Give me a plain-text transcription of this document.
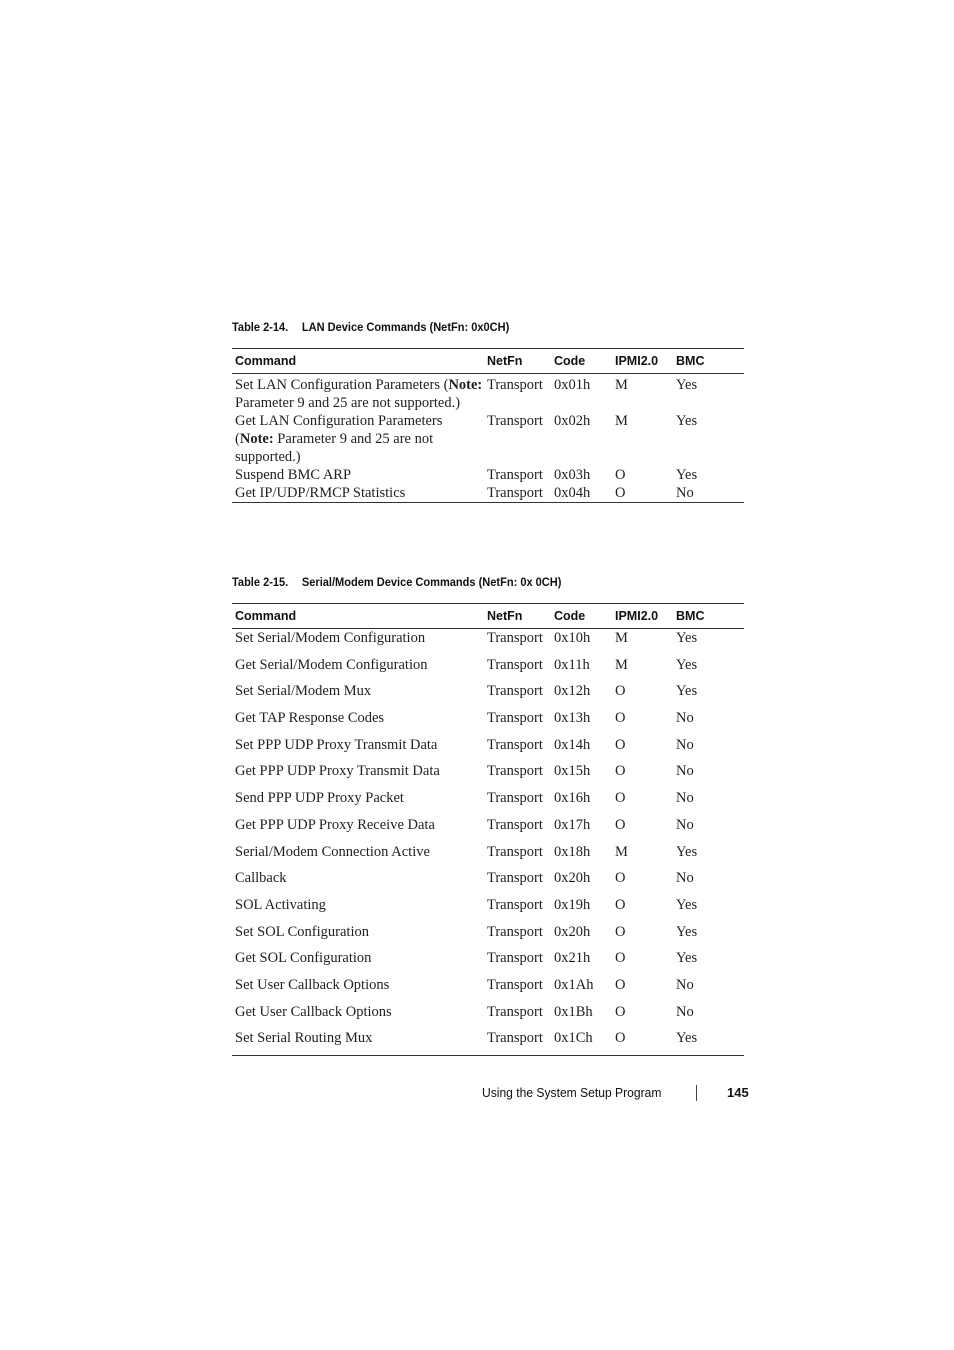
Table 2-14. LAN Device Commands (NetFn: 0x0CH)
Command	NetFn	Code	IPMI2.0	BMC

Set LAN Configuration Parameters (Note: Parameter 9 and 25 are not supported.)	Transport	0x01h	M	Yes

Get LAN Configuration Parameters (Note: Parameter 9 and 25 are not supported.)	Transport	0x02h	M	Yes

Suspend BMC ARP	Transport	0x03h	O	Yes

Get IP/UDP/RMCP Statistics	Transport	0x04h	O	No
Table 2-15. Serial/Modem Device Commands (NetFn: 0x 0CH)
Command	NetFn	Code	IPMI2.0	BMC

Set Serial/Modem Configuration	Transport	0x10h	M	Yes

Get Serial/Modem Configuration	Transport	0x11h	M	Yes

Set Serial/Modem Mux	Transport	0x12h	O	Yes

Get TAP Response Codes	Transport	0x13h	O	No

Set PPP UDP Proxy Transmit Data	Transport	0x14h	O	No

Get PPP UDP Proxy Transmit Data	Transport	0x15h	O	No

Send PPP UDP Proxy Packet	Transport	0x16h	O	No

Get PPP UDP Proxy Receive Data	Transport	0x17h	O	No

Serial/Modem Connection Active	Transport	0x18h	M	Yes

Callback	Transport	0x20h	O	No

SOL Activating	Transport	0x19h	O	Yes

Set SOL Configuration	Transport	0x20h	O	Yes

Get SOL Configuration	Transport	0x21h	O	Yes

Set User Callback Options	Transport	0x1Ah	O	No

Get User Callback Options	Transport	0x1Bh	O	No

Set Serial Routing Mux	Transport	0x1Ch	O	Yes
Using the System Setup Program	145
